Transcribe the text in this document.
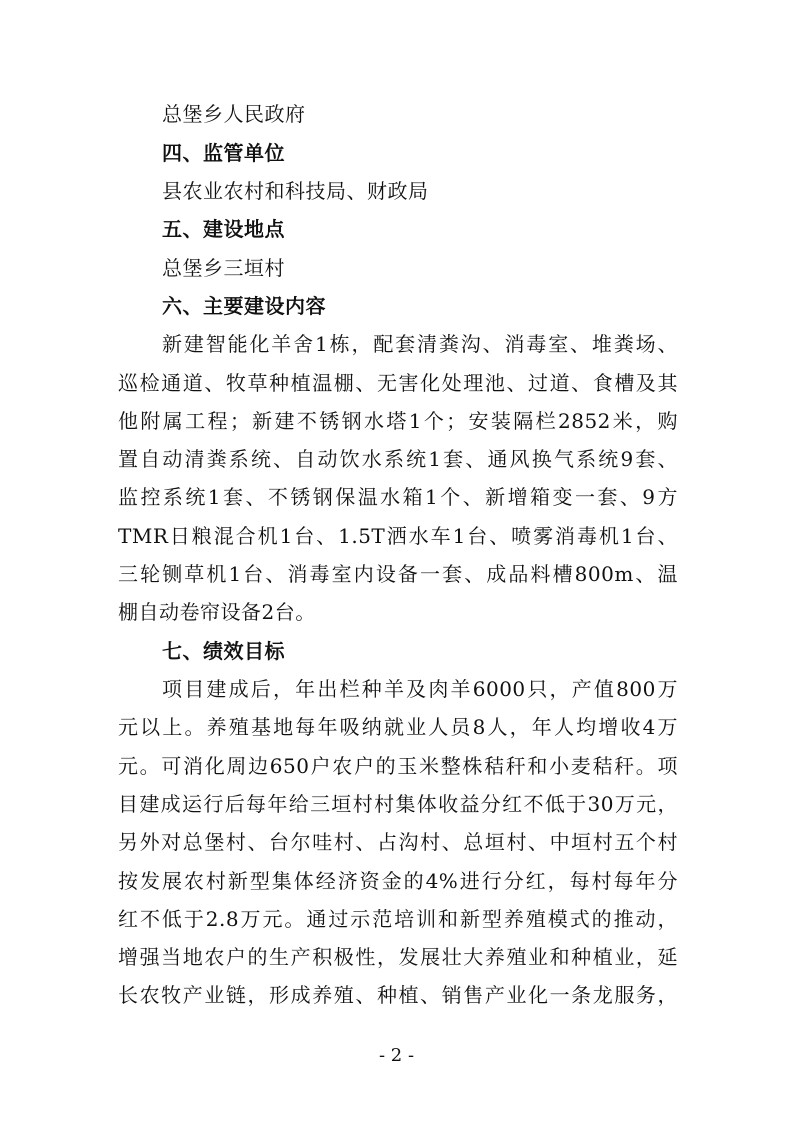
总堡乡人民政府
四、监管单位
县农业农村和科技局、财政局
五、建设地点
总堡乡三垣村
六、主要建设内容
新建智能化羊舍1栋，配套清粪沟、消毒室、堆粪场、
巡检通道、牧草种植温棚、无害化处理池、过道、食槽及其
他附属工程；新建不锈钢水塔1个；安装隔栏2852米，购
置自动清粪系统、自动饮水系统1套、通风换气系统9套、
监控系统1套、不锈钢保温水箱1个、新增箱变一套、9方
TMR日粮混合机1台、1.5T洒水车1台、喷雾消毒机1台、
三轮铡草机1台、消毒室内设备一套、成品料槽800m、温
棚自动卷帘设备2台。
七、绩效目标
项目建成后，年出栏种羊及肉羊6000只，产值800万
元以上。养殖基地每年吸纳就业人员8人，年人均增收4万
元。可消化周边650户农户的玉米整株秸秆和小麦秸秆。项
目建成运行后每年给三垣村村集体收益分红不低于30万元，
另外对总堡村、台尔哇村、占沟村、总垣村、中垣村五个村
按发展农村新型集体经济资金的4%进行分红，每村每年分
红不低于2.8万元。通过示范培训和新型养殖模式的推动，
增强当地农户的生产积极性，发展壮大养殖业和种植业，延
长农牧产业链，形成养殖、种植、销售产业化一条龙服务，
- 2 -
